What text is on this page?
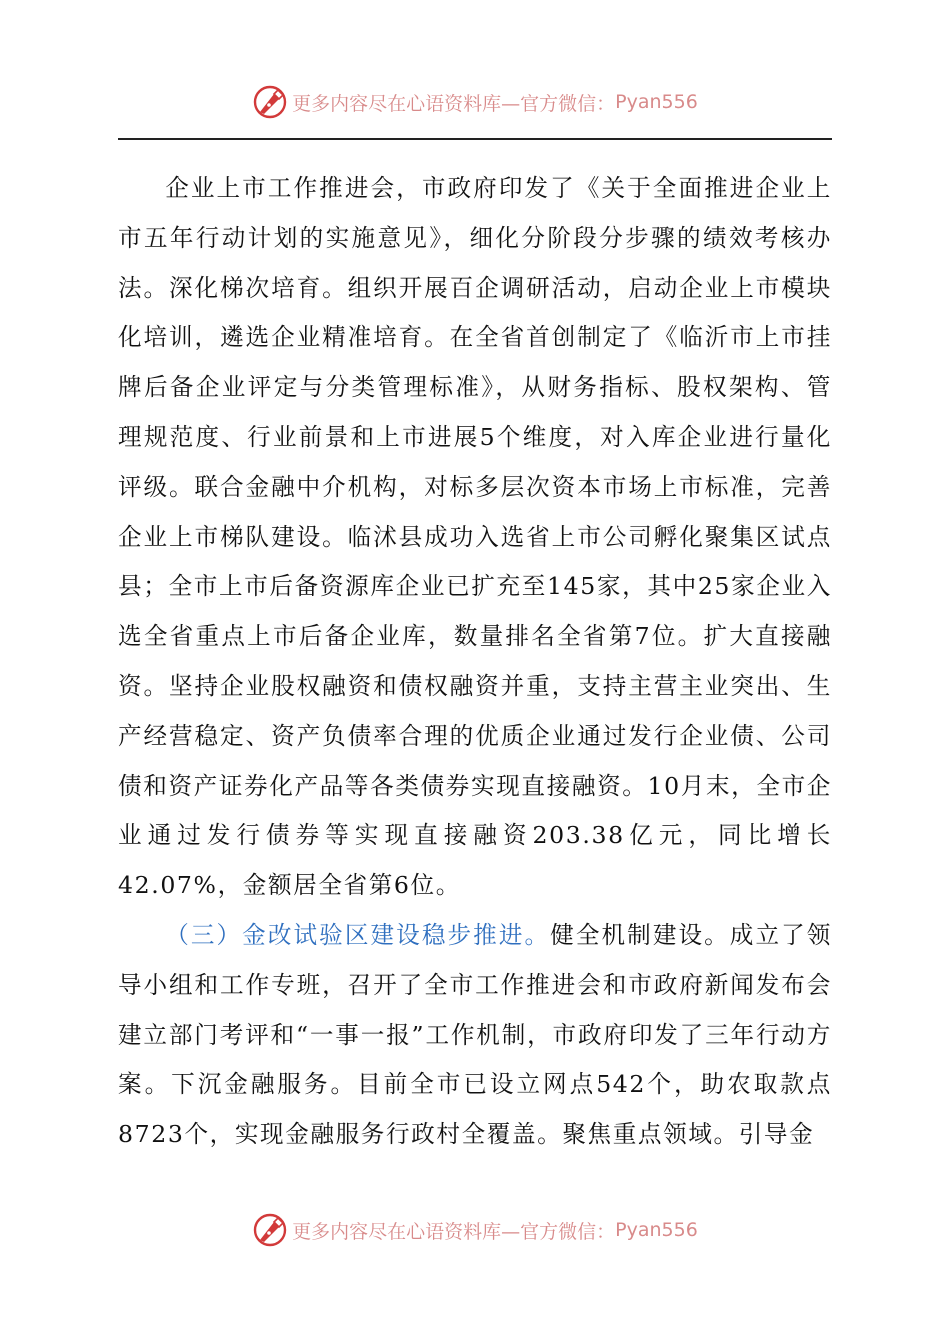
更多内容尽在心语资料库—官方微信： Pyan556

企业上市工作推进会，市政府印发了《关于全面推进企业上市五年行动计划的实施意见》，细化分阶段分步骤的绩效考核办法。深化梯次培育。组织开展百企调研活动，启动企业上市模块化培训，遴选企业精准培育。在全省首创制定了《临沂市上市挂牌后备企业评定与分类管理标准》，从财务指标、股权架构、管理规范度、行业前景和上市进展5个维度，对入库企业进行量化评级。联合金融中介机构，对标多层次资本市场上市标准，完善企业上市梯队建设。临沭县成功入选省上市公司孵化聚集区试点县；全市上市后备资源库企业已扩充至145家，其中25家企业入选全省重点上市后备企业库，数量排名全省第7位。扩大直接融资。坚持企业股权融资和债权融资并重，支持主营主业突出、生产经营稳定、资产负债率合理的优质企业通过发行企业债、公司债和资产证券化产品等各类债券实现直接融资。10月末，全市企业通过发行债券等实现直接融资203.38亿元，同比增长42.07%，金额居全省第6位。

（三）金改试验区建设稳步推进。健全机制建设。成立了领导小组和工作专班，召开了全市工作推进会和市政府新闻发布会建立部门考评和“一事一报”工作机制，市政府印发了三年行动方案。下沉金融服务。目前全市已设立网点542个，助农取款点8723个，实现金融服务行政村全覆盖。聚焦重点领域。引导金

更多内容尽在心语资料库—官方微信： Pyan556
